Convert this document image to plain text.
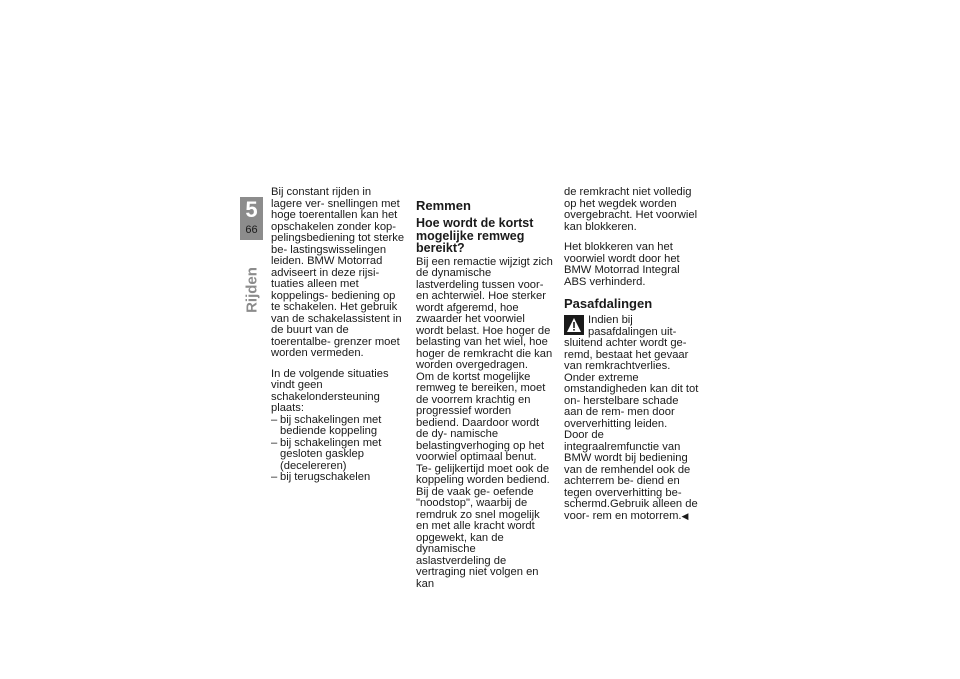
5
66
Rijden

Bij constant rijden in lagere ver- snellingen met hoge toerentallen kan het opschakelen zonder kop- pelingsbediening tot sterke be- lastingswisselingen leiden. BMW Motorrad adviseert in deze rijsi- tuaties alleen met koppelings- bediening op te schakelen. Het gebruik van de schakelassistent in de buurt van de toerentalbe- grenzer moet worden vermeden.

In de volgende situaties vindt geen schakelondersteuning plaats:

– bij schakelingen met bediende koppeling
– bij schakelingen met gesloten gasklep (decelereren)
– bij terugschakelen
Remmen
Hoe wordt de kortst mogelijke remweg bereikt?

Bij een remactie wijzigt zich de dynamische lastverdeling tussen voor- en achterwiel. Hoe sterker wordt afgeremd, hoe zwaarder het voorwiel wordt belast. Hoe hoger de belasting van het wiel, hoe hoger de remkracht die kan worden overgedragen.

Om de kortst mogelijke remweg te bereiken, moet de voorrem krachtig en progressief worden bediend. Daardoor wordt de dy- namische belastingverhoging op het voorwiel optimaal benut. Te- gelijkertijd moet ook de koppeling worden bediend. Bij de vaak ge- oefende "noodstop", waarbij de remdruk zo snel mogelijk en met alle kracht wordt opgewekt, kan de dynamische aslastverdeling de vertraging niet volgen en kan

de remkracht niet volledig op het wegdek worden overgebracht. Het voorwiel kan blokkeren.

Het blokkeren van het voorwiel wordt door het BMW Motorrad Integral ABS verhinderd.

Pasafdalingen
Indien bij pasafdalingen uit- sluitend achter wordt ge- remd, bestaat het gevaar van remkrachtverlies. Onder extreme omstandigheden kan dit tot on- herstelbare schade aan de rem- men door oververhitting leiden.

Door de integraalremfunctie van BMW wordt bij bediening van de remhendel ook de achterrem be- diend en tegen oververhitting be- schermd.Gebruik alleen de voor- rem en motorrem.◀
